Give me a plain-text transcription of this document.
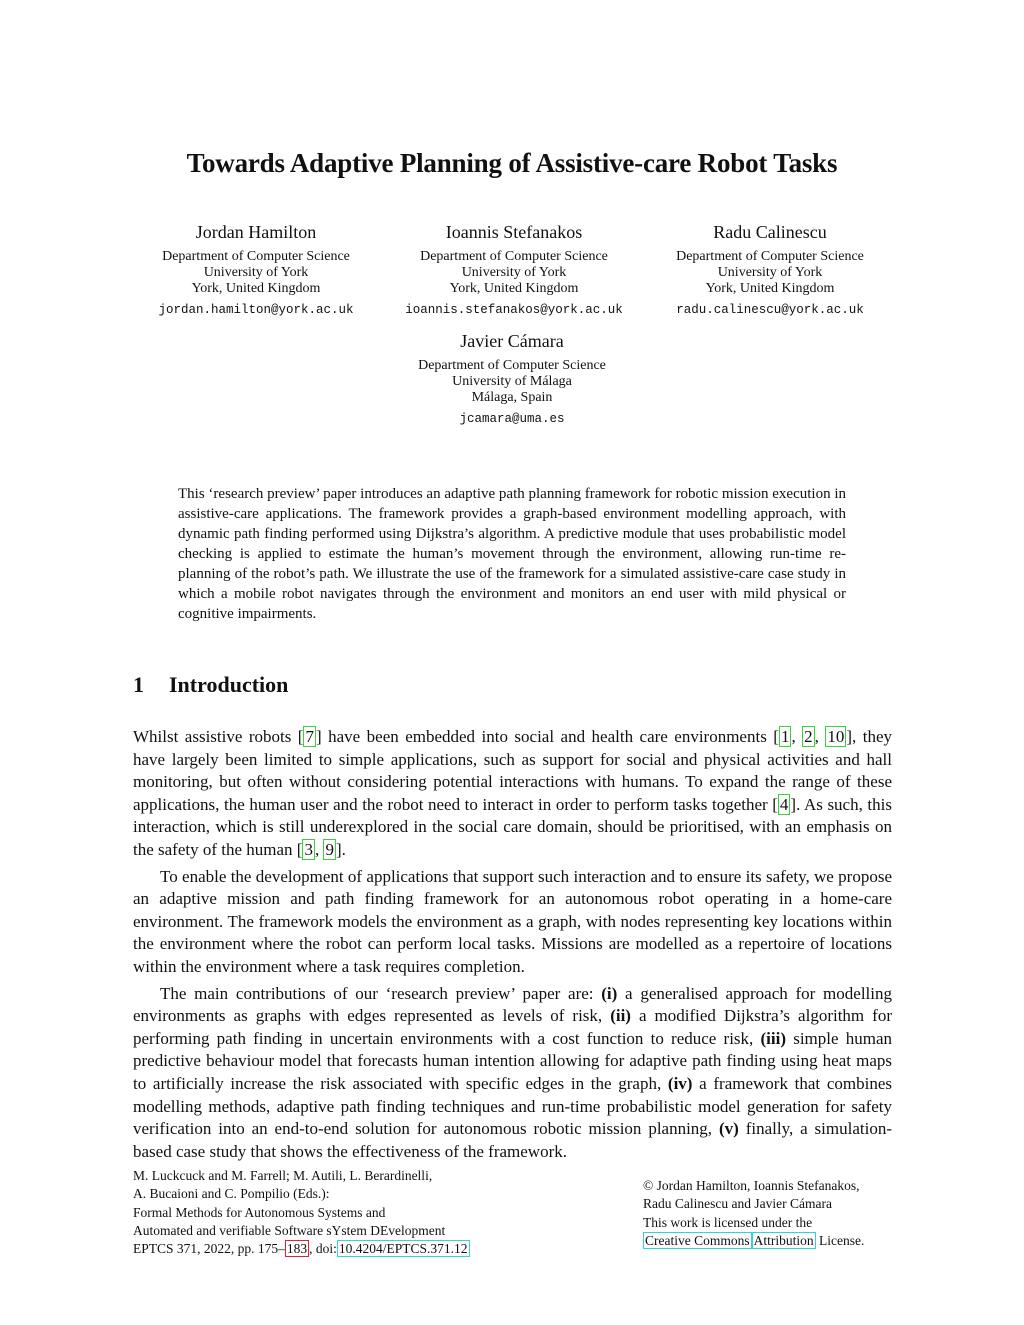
Towards Adaptive Planning of Assistive-care Robot Tasks
Jordan Hamilton
Department of Computer Science
University of York
York, United Kingdom
jordan.hamilton@york.ac.uk
Ioannis Stefanakos
Department of Computer Science
University of York
York, United Kingdom
ioannis.stefanakos@york.ac.uk
Radu Calinescu
Department of Computer Science
University of York
York, United Kingdom
radu.calinescu@york.ac.uk
Javier Cámara
Department of Computer Science
University of Málaga
Málaga, Spain
jcamara@uma.es
This ‘research preview’ paper introduces an adaptive path planning framework for robotic mission execution in assistive-care applications. The framework provides a graph-based environment modelling approach, with dynamic path finding performed using Dijkstra’s algorithm. A predictive module that uses probabilistic model checking is applied to estimate the human’s movement through the environment, allowing run-time re-planning of the robot’s path. We illustrate the use of the framework for a simulated assistive-care case study in which a mobile robot navigates through the environment and monitors an end user with mild physical or cognitive impairments.
1 Introduction

Whilst assistive robots [ 7 ] have been embedded into social and health care environments [ 1 , 2 , 10 ], they have largely been limited to simple applications, such as support for social and physical activities and hall monitoring, but often without considering potential interactions with humans. To expand the range of these applications, the human user and the robot need to interact in order to perform tasks together [ 4 ]. As such, this interaction, which is still underexplored in the social care domain, should be prioritised, with an emphasis on the safety of the human [ 3 , 9 ].

To enable the development of applications that support such interaction and to ensure its safety, we propose an adaptive mission and path finding framework for an autonomous robot operating in a home-care environment. The framework models the environment as a graph, with nodes representing key locations within the environment where the robot can perform local tasks. Missions are modelled as a repertoire of locations within the environment where a task requires completion.

The main contributions of our ‘research preview’ paper are: (i) a generalised approach for modelling environments as graphs with edges represented as levels of risk, (ii) a modified Dijkstra’s algorithm for performing path finding in uncertain environments with a cost function to reduce risk, (iii) simple human predictive behaviour model that forecasts human intention allowing for adaptive path finding using heat maps to artificially increase the risk associated with specific edges in the graph, (iv) a framework that combines modelling methods, adaptive path finding techniques and run-time probabilistic model generation for safety verification into an end-to-end solution for autonomous robotic mission planning, (v) finally, a simulation-based case study that shows the effectiveness of the framework.

M. Luckcuck and M. Farrell; M. Autili, L. Berardinelli,
A. Bucaioni and C. Pompilio (Eds.):
Formal Methods for Autonomous Systems and
Automated and verifiable Software sYstem DEvelopment
EPTCS 371, 2022, pp. 175– 183 , doi: 10.4204/EPTCS.371.12
© Jordan Hamilton, Ioannis Stefanakos,
Radu Calinescu and Javier Cámara
This work is licensed under the
Creative Commons Attribution License.
